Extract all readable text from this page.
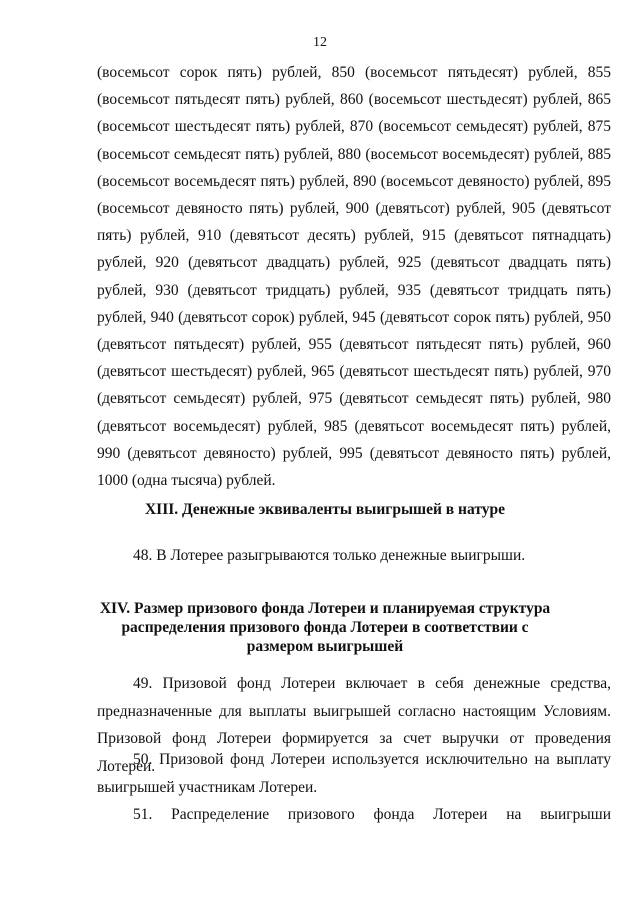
12
(восемьсот сорок пять) рублей, 850 (восемьсот пятьдесят) рублей, 855 (восемьсот пятьдесят пять) рублей, 860 (восемьсот шестьдесят) рублей, 865 (восемьсот шестьдесят пять) рублей, 870 (восемьсот семьдесят) рублей, 875 (восемьсот семьдесят пять) рублей, 880 (восемьсот восемьдесят) рублей, 885 (восемьсот восемьдесят пять) рублей, 890 (восемьсот девяносто) рублей, 895 (восемьсот девяносто пять) рублей, 900 (девятьсот) рублей, 905 (девятьсот пять) рублей, 910 (девятьсот десять) рублей, 915 (девятьсот пятнадцать) рублей, 920 (девятьсот двадцать) рублей, 925 (девятьсот двадцать пять) рублей, 930 (девятьсот тридцать) рублей, 935 (девятьсот тридцать пять) рублей, 940 (девятьсот сорок) рублей, 945 (девятьсот сорок пять) рублей, 950 (девятьсот пятьдесят) рублей, 955 (девятьсот пятьдесят пять) рублей, 960 (девятьсот шестьдесят) рублей, 965 (девятьсот шестьдесят пять) рублей, 970 (девятьсот семьдесят) рублей, 975 (девятьсот семьдесят пять) рублей, 980 (девятьсот восемьдесят) рублей, 985 (девятьсот восемьдесят пять) рублей, 990 (девятьсот девяносто) рублей, 995 (девятьсот девяносто пять) рублей, 1000 (одна тысяча) рублей.
XIII. Денежные эквиваленты выигрышей в натуре
48. В Лотерее разыгрываются только денежные выигрыши.
XIV. Размер призового фонда Лотереи и планируемая структура распределения призового фонда Лотереи в соответствии с размером выигрышей
49. Призовой фонд Лотереи включает в себя денежные средства, предназначенные для выплаты выигрышей согласно настоящим Условиям. Призовой фонд Лотереи формируется за счет выручки от проведения Лотереи.
50. Призовой фонд Лотереи используется исключительно на выплату выигрышей участникам Лотереи.
51. Распределение призового фонда Лотереи на выигрыши
